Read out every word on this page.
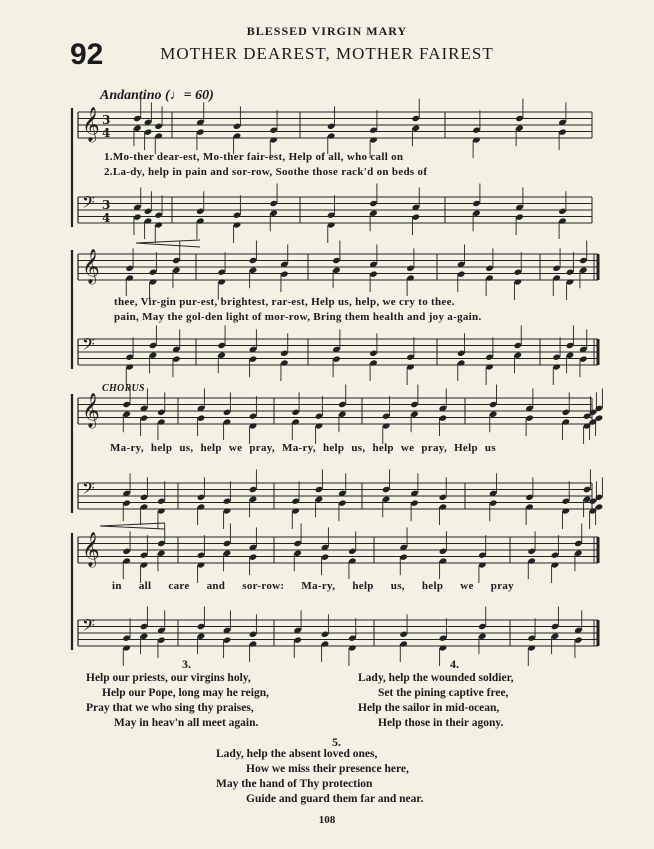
92
BLESSED VIRGIN MARY
MOTHER DEAREST, MOTHER FAIREST
Andantino (♩= 60)
𝄞 3
4
𝄢 3
4
𝄞
𝄢
𝄞
𝄢
𝄞
𝄢
1.Mo-ther dear-est, Mo-ther fair-est, Help of all, who call on
2.La-dy, help in pain and sor-row, Soothe those rack'd on beds of
thee, Vir-gin pur-est, brightest, rar-est, Help us, help, we cry to thee.
pain, May the gol-den light of mor-row, Bring them health and joy a-gain.
CHORUS
Ma-ry, help us, help we pray, Ma-ry, help us, help we pray, Help us
in all care and sor-row: Ma-ry, help us, help we pray
3.
Help our priests, our virgins holy,
Help our Pope, long may he reign,
Pray that we who sing thy praises,
May in heav'n all meet again.
4.
Lady, help the wounded soldier,
Set the pining captive free,
Help the sailor in mid-ocean,
Help those in their agony.
5.
Lady, help the absent loved ones,
How we miss their presence here,
May the hand of Thy protection
Guide and guard them far and near.
108
